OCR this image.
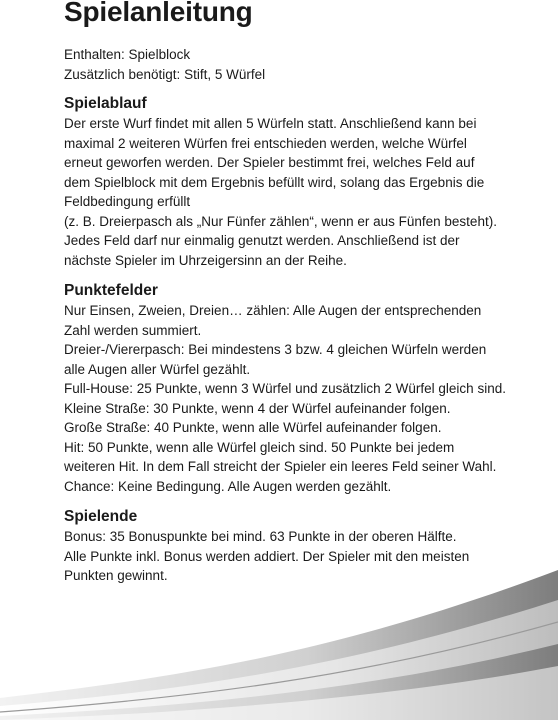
Spielanleitung
Enthalten: Spielblock
Zusätzlich benötigt: Stift, 5 Würfel
Spielablauf
Der erste Wurf findet mit allen 5 Würfeln statt. Anschließend kann bei
maximal 2 weiteren Würfen frei entschieden werden, welche Würfel
erneut geworfen werden. Der Spieler bestimmt frei, welches Feld auf
dem Spielblock mit dem Ergebnis befüllt wird, solang das Ergebnis die
Feldbedingung erfüllt
(z. B. Dreierpasch als „Nur Fünfer zählen“, wenn er aus Fünfen besteht).
Jedes Feld darf nur einmalig genutzt werden. Anschließend ist der
nächste Spieler im Uhrzeigersinn an der Reihe.
Punktefelder
Nur Einsen, Zweien, Dreien… zählen: Alle Augen der entsprechenden
Zahl werden summiert.
Dreier-/Viererpasch: Bei mindestens 3 bzw. 4 gleichen Würfeln werden
alle Augen aller Würfel gezählt.
Full-House: 25 Punkte, wenn 3 Würfel und zusätzlich 2 Würfel gleich sind.
Kleine Straße: 30 Punkte, wenn 4 der Würfel aufeinander folgen.
Große Straße: 40 Punkte, wenn alle Würfel aufeinander folgen.
Hit: 50 Punkte, wenn alle Würfel gleich sind. 50 Punkte bei jedem
weiteren Hit. In dem Fall streicht der Spieler ein leeres Feld seiner Wahl.
Chance: Keine Bedingung. Alle Augen werden gezählt.
Spielende
Bonus: 35 Bonuspunkte bei mind. 63 Punkte in der oberen Hälfte.
Alle Punkte inkl. Bonus werden addiert. Der Spieler mit den meisten
Punkten gewinnt.
